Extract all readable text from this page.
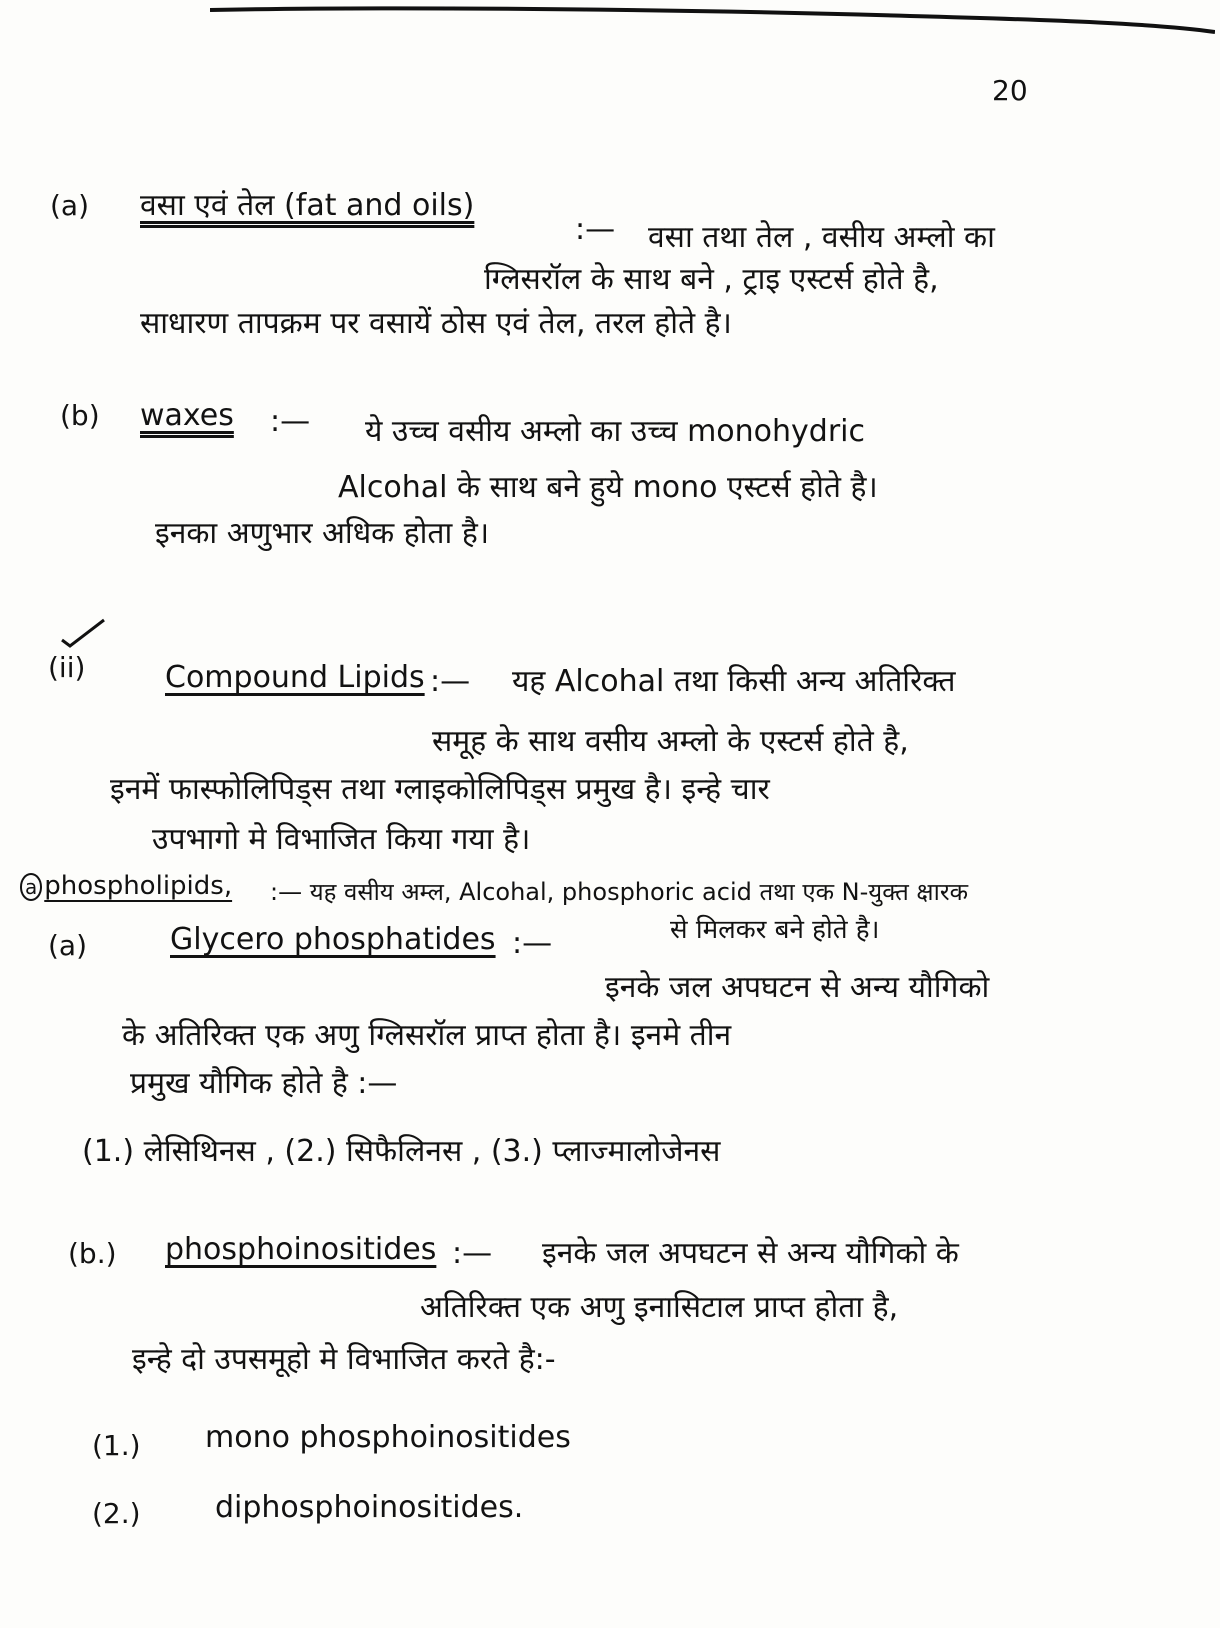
20
(a) वसा एवं तेल (fat and oils)
:— वसा तथा तेल , वसीय अम्लो का
ग्लिसरॉल के साथ बने , ट्राइ एस्टर्स होते है,
साधारण तापक्रम पर वसायें ठोस एवं तेल, तरल होते है।
(b) waxes :— ये उच्च वसीय अम्लो का उच्च monohydric
Alcohal के साथ बने हुये mono एस्टर्स होते है।
इनका अणुभार अधिक होता है।
(ii)	Compound Lipids :— यह Alcohal तथा किसी अन्य अतिरिक्त
समूह के साथ वसीय अम्लो के एस्टर्स होते है,
इनमें फास्फोलिपिड्स तथा ग्लाइकोलिपिड्स प्रमुख है। इन्हे चार
उपभागो मे विभाजित किया गया है।
a phospholipids, :— यह वसीय अम्ल, Alcohal, phosphoric acid तथा एक N-युक्त क्षारक
से मिलकर बने होते है।
(a)	Glycero phosphatides :—
इनके जल अपघटन से अन्य यौगिको
के अतिरिक्त एक अणु ग्लिसरॉल प्राप्त होता है। इनमे तीन
प्रमुख यौगिक होते है :—
(1.) लेसिथिनस , (2.) सिफैलिनस , (3.) प्लाज्मालोजेनस
(b.) phosphoinositides :— इनके जल अपघटन से अन्य यौगिको के
अतिरिक्त एक अणु इनासिटाल प्राप्त होता है,
इन्हे दो उपसमूहो मे विभाजित करते है:-
(1.) mono phosphoinositides
(2.) diphosphoinositides.
